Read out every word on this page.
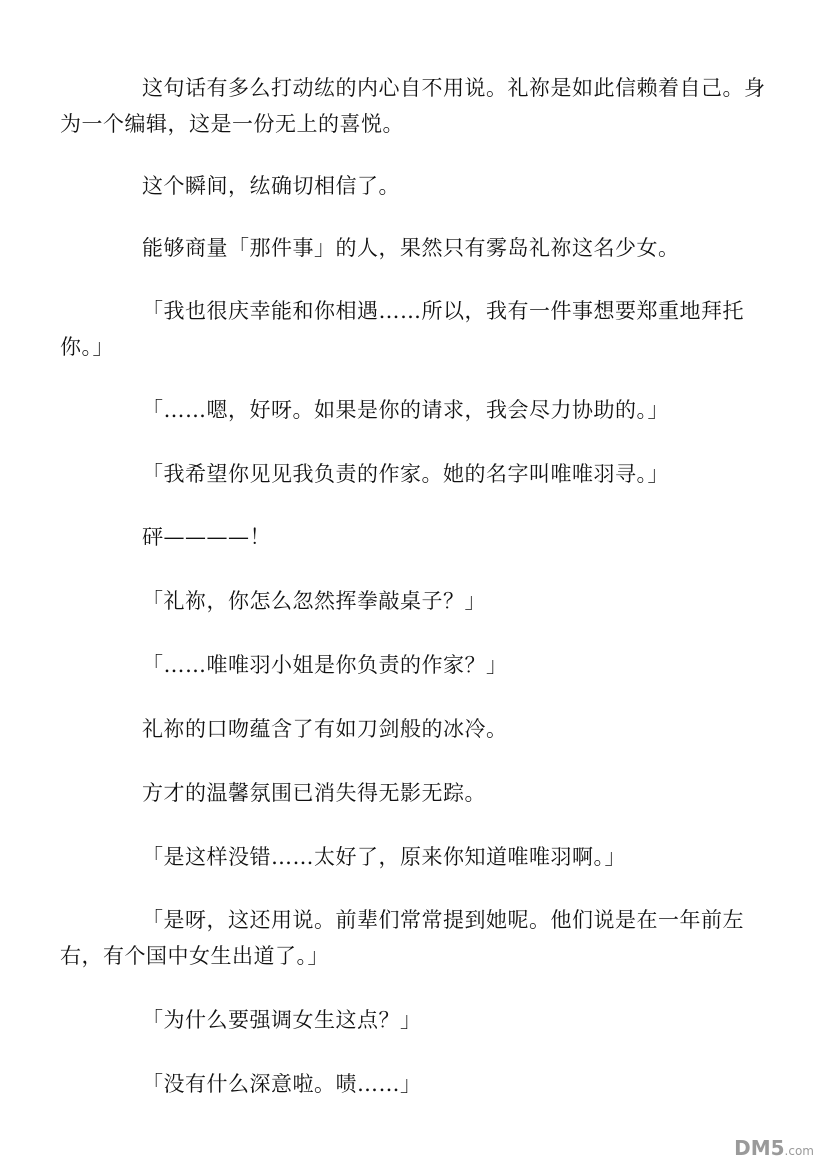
这句话有多么打动纮的内心自不用说。礼祢是如此信赖着自己。身为一个编辑，这是一份无上的喜悦。

这个瞬间，纮确切相信了。

能够商量「那件事」的人，果然只有雾岛礼祢这名少女。

「我也很庆幸能和你相遇……所以，我有一件事想要郑重地拜托你。」

「……嗯，好呀。如果是你的请求，我会尽力协助的。」

「我希望你见见我负责的作家。她的名字叫唯唯羽寻。」

砰————！

「礼祢，你怎么忽然挥拳敲桌子？」

「……唯唯羽小姐是你负责的作家？」

礼祢的口吻蕴含了有如刀剑般的冰冷。

方才的温馨氛围已消失得无影无踪。

「是这样没错……太好了，原来你知道唯唯羽啊。」

「是呀，这还用说。前辈们常常提到她呢。他们说是在一年前左右，有个国中女生出道了。」

「为什么要强调女生这点？」

「没有什么深意啦。啧……」

DM5.com
